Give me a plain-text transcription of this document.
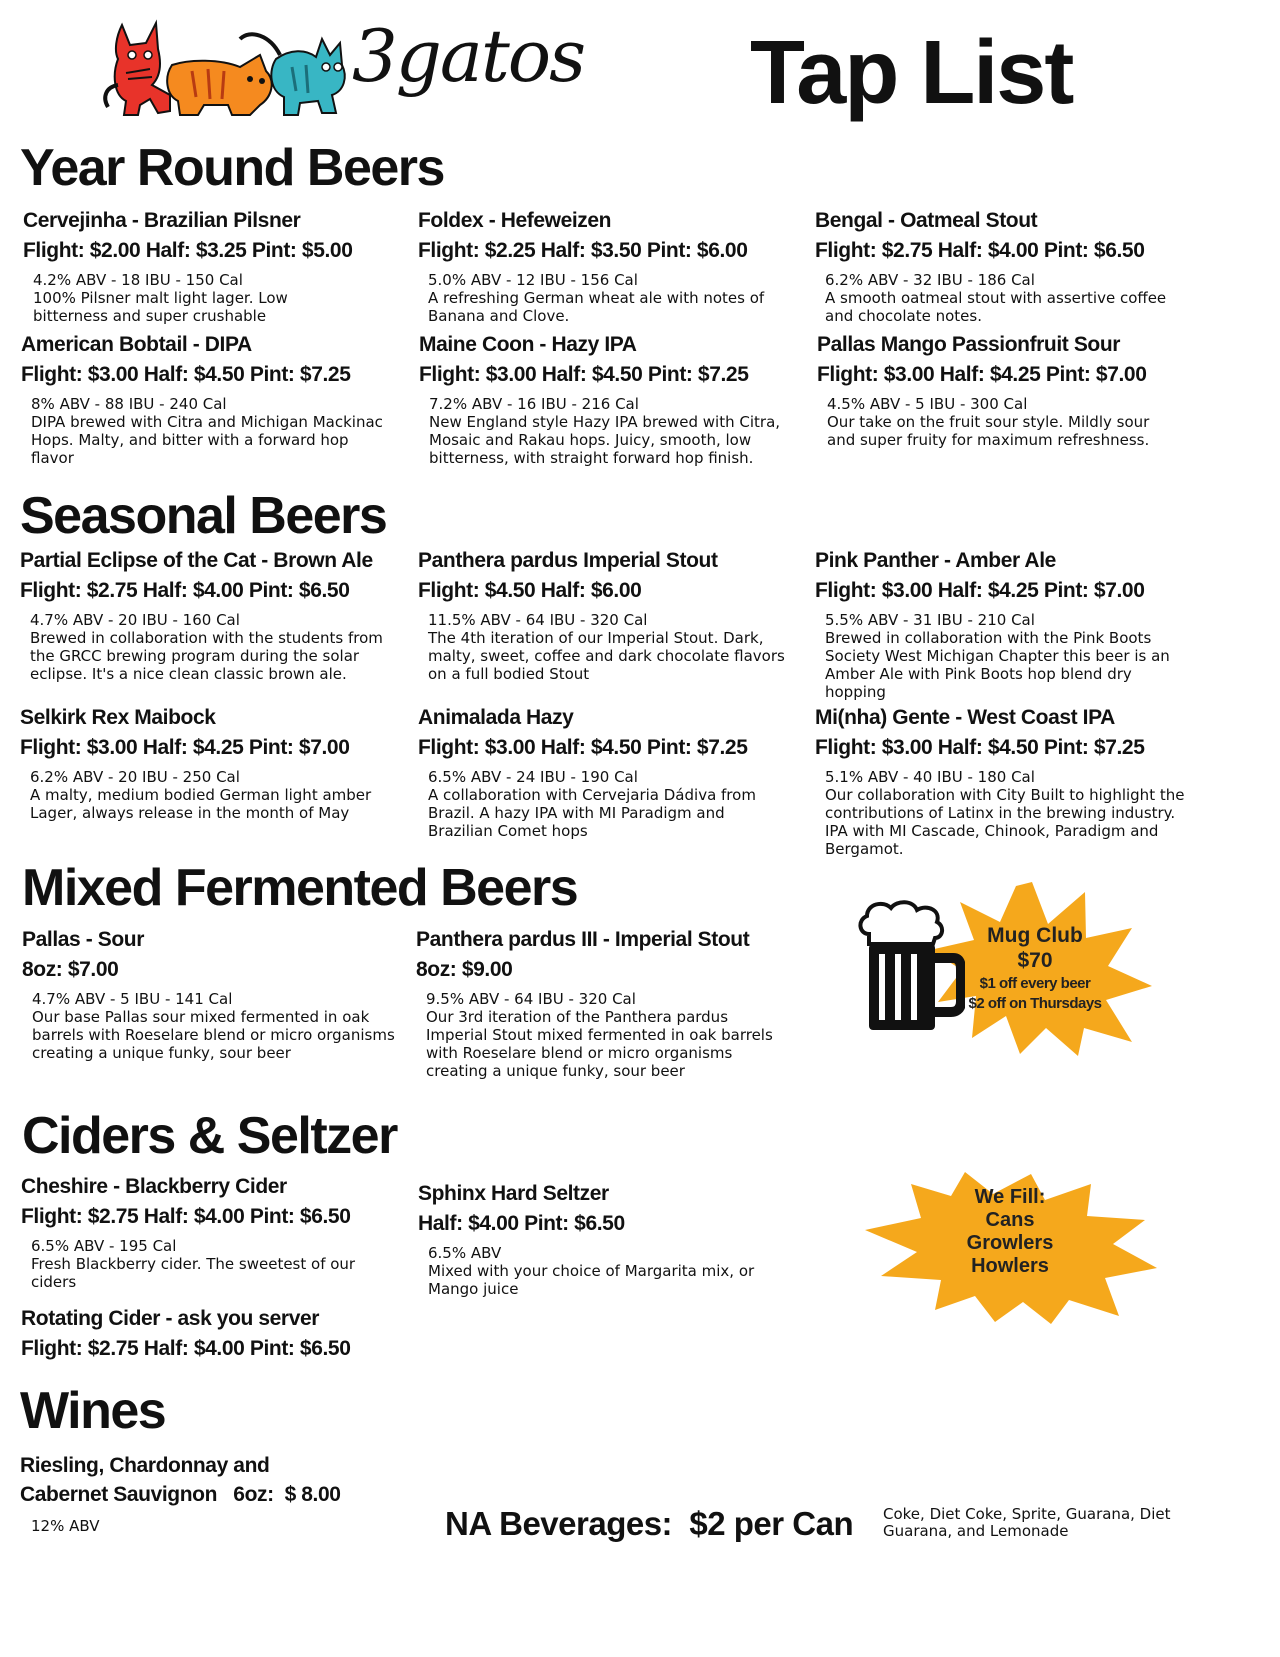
3gatos Tap List
Year Round Beers
Cervejinha - Brazilian Pilsner
Flight: $2.00 Half: $3.25 Pint: $5.00
4.2% ABV - 18 IBU - 150 Cal
100% Pilsner malt light lager. Low bitterness and super crushable
Foldex - Hefeweizen
Flight: $2.25 Half: $3.50 Pint: $6.00
5.0% ABV - 12 IBU - 156 Cal
A refreshing German wheat ale with notes of Banana and Clove.
Bengal - Oatmeal Stout
Flight: $2.75 Half: $4.00 Pint: $6.50
6.2% ABV - 32 IBU - 186 Cal
A smooth oatmeal stout with assertive coffee and chocolate notes.
American Bobtail - DIPA
Flight: $3.00 Half: $4.50 Pint: $7.25
8% ABV - 88 IBU - 240 Cal
DIPA brewed with Citra and Michigan Mackinac Hops. Malty, and bitter with a forward hop flavor
Maine Coon - Hazy IPA
Flight: $3.00 Half: $4.50 Pint: $7.25
7.2% ABV - 16 IBU - 216 Cal
New England style Hazy IPA brewed with Citra, Mosaic and Rakau hops. Juicy, smooth, low bitterness, with straight forward hop finish.
Pallas Mango Passionfruit Sour
Flight: $3.00 Half: $4.25 Pint: $7.00
4.5% ABV - 5 IBU - 300 Cal
Our take on the fruit sour style. Mildly sour and super fruity for maximum refreshness.
Seasonal Beers
Partial Eclipse of the Cat - Brown Ale
Flight: $2.75 Half: $4.00 Pint: $6.50
4.7% ABV - 20 IBU - 160 Cal
Brewed in collaboration with the students from the GRCC brewing program during the solar eclipse. It's a nice clean classic brown ale.
Panthera pardus Imperial Stout
Flight: $4.50 Half: $6.00
11.5% ABV - 64 IBU - 320 Cal
The 4th iteration of our Imperial Stout. Dark, malty, sweet, coffee and dark chocolate flavors on a full bodied Stout
Pink Panther - Amber Ale
Flight: $3.00 Half: $4.25 Pint: $7.00
5.5% ABV - 31 IBU - 210 Cal
Brewed in collaboration with the Pink Boots Society West Michigan Chapter this beer is an Amber Ale with Pink Boots hop blend dry hopping
Selkirk Rex Maibock
Flight: $3.00 Half: $4.25 Pint: $7.00
6.2% ABV - 20 IBU - 250 Cal
A malty, medium bodied German light amber Lager, always release in the month of May
Animalada Hazy
Flight: $3.00 Half: $4.50 Pint: $7.25
6.5% ABV - 24 IBU - 190 Cal
A collaboration with Cervejaria Dádiva from Brazil. A hazy IPA with MI Paradigm and Brazilian Comet hops
Mi(nha) Gente - West Coast IPA
Flight: $3.00 Half: $4.50 Pint: $7.25
5.1% ABV - 40 IBU - 180 Cal
Our collaboration with City Built to highlight the contributions of Latinx in the brewing industry. IPA with MI Cascade, Chinook, Paradigm and Bergamot.
Mixed Fermented Beers
Pallas - Sour
8oz: $7.00
4.7% ABV - 5 IBU - 141 Cal
Our base Pallas sour mixed fermented in oak barrels with Roeselare blend or micro organisms creating a unique funky, sour beer
Panthera pardus III - Imperial Stout
8oz: $9.00
9.5% ABV - 64 IBU - 320 Cal
Our 3rd iteration of the Panthera pardus Imperial Stout mixed fermented in oak barrels with Roeselare blend or micro organisms creating a unique funky, sour beer
Mug Club
$70
$1 off every beer
$2 off on Thursdays
Ciders & Seltzer
Cheshire - Blackberry Cider
Flight: $2.75 Half: $4.00 Pint: $6.50
6.5% ABV - 195 Cal
Fresh Blackberry cider. The sweetest of our ciders
Sphinx Hard Seltzer
Half: $4.00 Pint: $6.50
6.5% ABV
Mixed with your choice of Margarita mix, or Mango juice
Rotating Cider - ask you server
Flight: $2.75 Half: $4.00 Pint: $6.50
We Fill:
Cans
Growlers
Howlers
Wines
Riesling, Chardonnay and
Cabernet Sauvignon   6oz:  $ 8.00
12% ABV	NA Beverages:  $2 per Can Coke, Diet Coke, Sprite, Guarana, Diet Guarana, and Lemonade
